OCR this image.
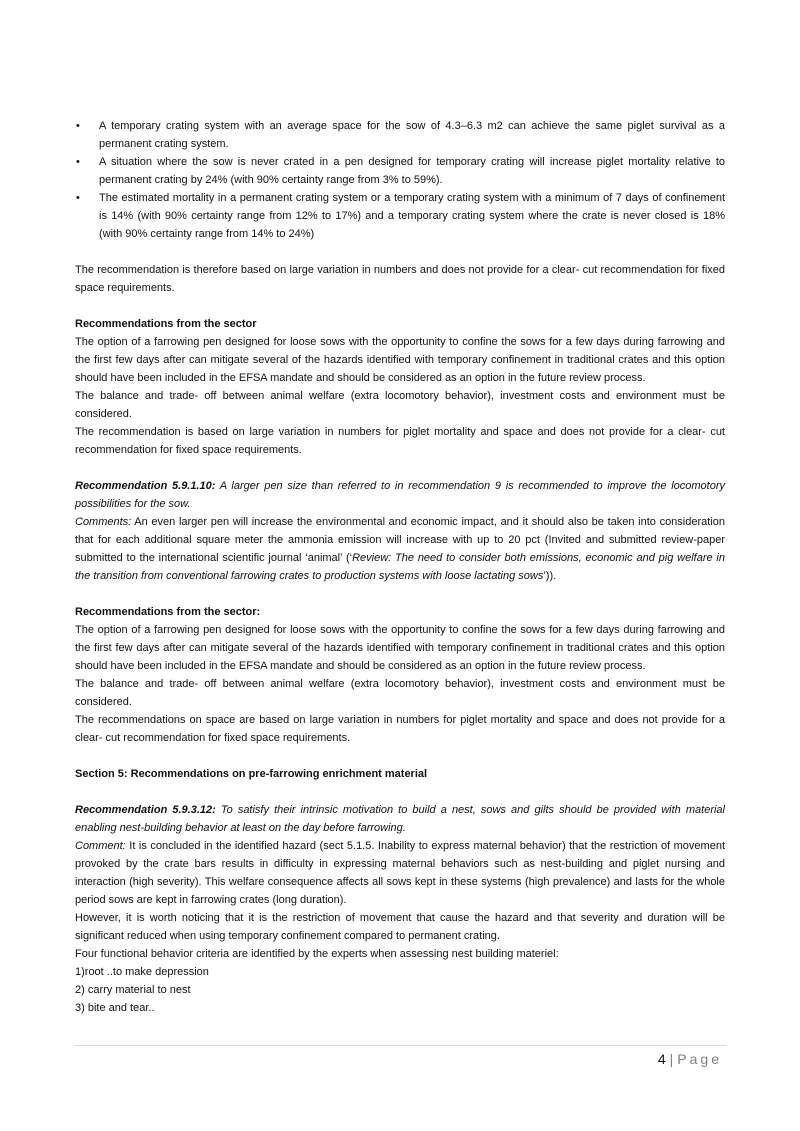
• A temporary crating system with an average space for the sow of 4.3–6.3 m2 can achieve the same piglet survival as a permanent crating system.
• A situation where the sow is never crated in a pen designed for temporary crating will increase piglet mortality relative to permanent crating by 24% (with 90% certainty range from 3% to 59%).
• The estimated mortality in a permanent crating system or a temporary crating system with a minimum of 7 days of confinement is 14% (with 90% certainty range from 12% to 17%) and a temporary crating system where the crate is never closed is 18% (with 90% certainty range from 14% to 24%)

The recommendation is therefore based on large variation in numbers and does not provide for a clear- cut recommendation for fixed space requirements.

Recommendations from the sector

The option of a farrowing pen designed for loose sows with the opportunity to confine the sows for a few days during farrowing and the first few days after can mitigate several of the hazards identified with temporary confinement in traditional crates and this option should have been included in the EFSA mandate and should be considered as an option in the future review process.

The balance and trade- off between animal welfare (extra locomotory behavior), investment costs and environment must be considered.

The recommendation is based on large variation in numbers for piglet mortality and space and does not provide for a clear- cut recommendation for fixed space requirements.

Recommendation 5.9.1.10: A larger pen size than referred to in recommendation 9 is recommended to improve the locomotory possibilities for the sow.

Comments: An even larger pen will increase the environmental and economic impact, and it should also be taken into consideration that for each additional square meter the ammonia emission will increase with up to 20 pct (Invited and submitted review-paper submitted to the international scientific journal ‘animal’ (‘Review: The need to consider both emissions, economic and pig welfare in the transition from conventional farrowing crates to production systems with loose lactating sows’)).

Recommendations from the sector:

The option of a farrowing pen designed for loose sows with the opportunity to confine the sows for a few days during farrowing and the first few days after can mitigate several of the hazards identified with temporary confinement in traditional crates and this option should have been included in the EFSA mandate and should be considered as an option in the future review process.

The balance and trade- off between animal welfare (extra locomotory behavior), investment costs and environment must be considered.

The recommendations on space are based on large variation in numbers for piglet mortality and space and does not provide for a clear- cut recommendation for fixed space requirements.

Section 5: Recommendations on pre-farrowing enrichment material

Recommendation 5.9.3.12: To satisfy their intrinsic motivation to build a nest, sows and gilts should be provided with material enabling nest-building behavior at least on the day before farrowing.

Comment: It is concluded in the identified hazard (sect 5.1.5. Inability to express maternal behavior) that the restriction of movement provoked by the crate bars results in difficulty in expressing maternal behaviors such as nest-building and piglet nursing and interaction (high severity). This welfare consequence affects all sows kept in these systems (high prevalence) and lasts for the whole period sows are kept in farrowing crates (long duration).

However, it is worth noticing that it is the restriction of movement that cause the hazard and that severity and duration will be significant reduced when using temporary confinement compared to permanent crating.

Four functional behavior criteria are identified by the experts when assessing nest building materiel:

1)root ..to make depression

2) carry material to nest

3) bite and tear..

4 | Page
